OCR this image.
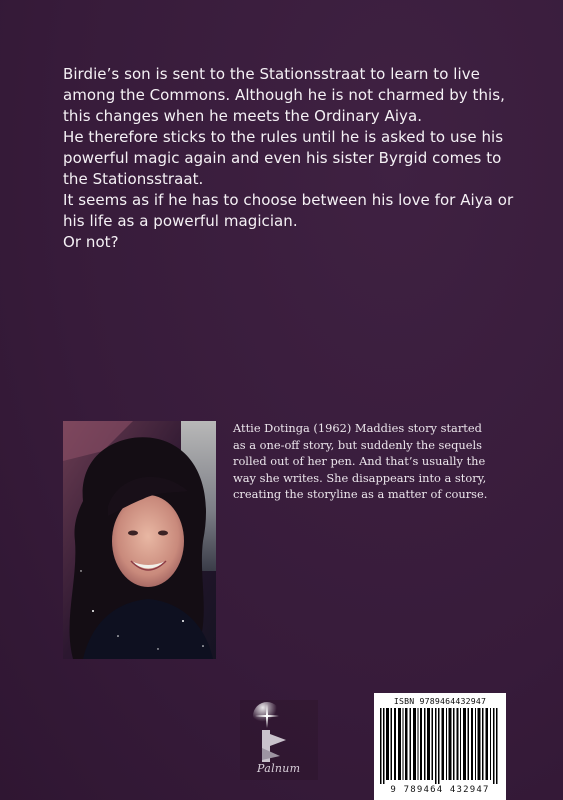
Birdie’s son is sent to the Stationsstraat to learn to live

among the Commons. Although he is not charmed by this,

this changes when he meets the Ordinary Aiya.

He therefore sticks to the rules until he is asked to use his

powerful magic again and even his sister Byrgid comes to

the Stationsstraat.

It seems as if he has to choose between his love for Aiya or

his life as a powerful magician.

Or not?

Attie Dotinga (1962) Maddies story started
as a one-off story, but suddenly the sequels
rolled out of her pen. And that’s usually the
way she writes. She disappears into a story,
creating the storyline as a matter of course.
Palnum
ISBN 9789464432947
9 789464 432947
